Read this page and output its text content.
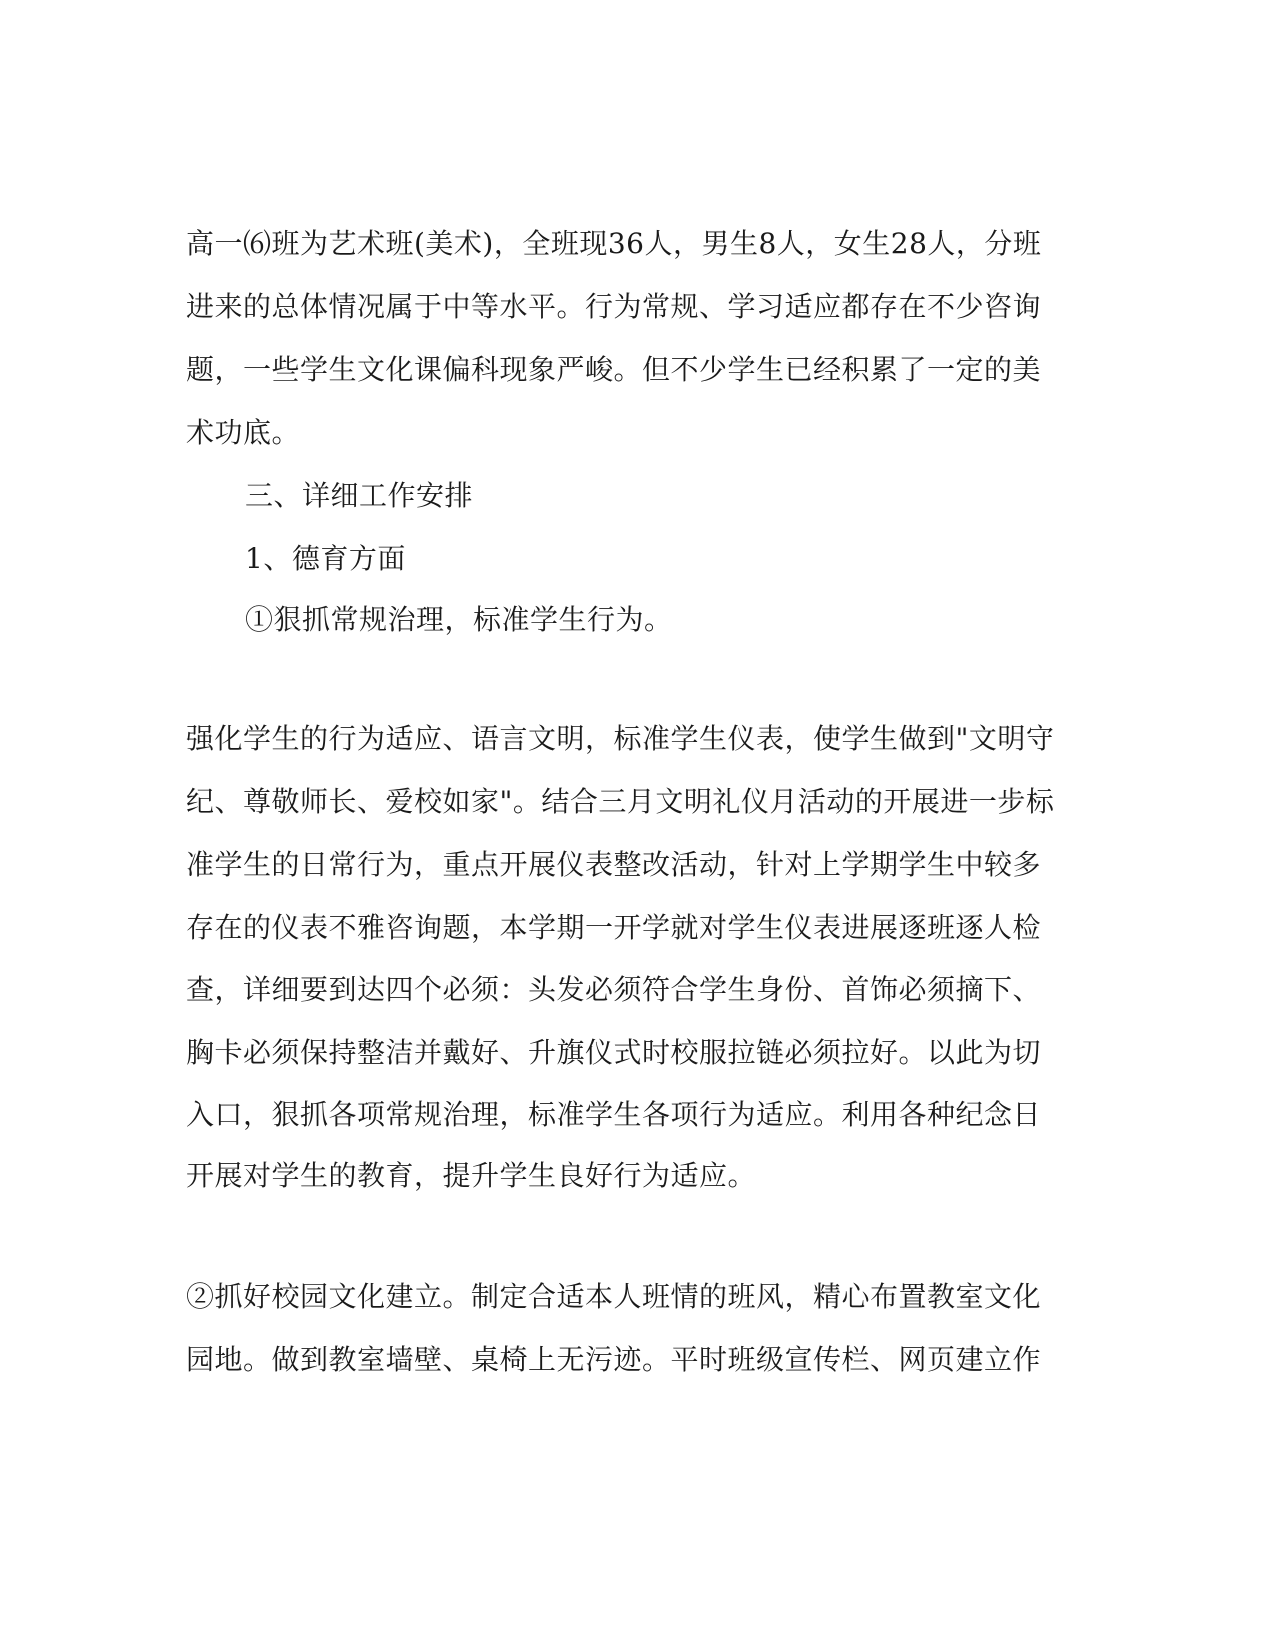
高一⑹班为艺术班(美术)，全班现36人，男生8人，女生28人，分班
进来的总体情况属于中等水平。行为常规、学习适应都存在不少咨询
题，一些学生文化课偏科现象严峻。但不少学生已经积累了一定的美
术功底。
三、详细工作安排
1、德育方面
①狠抓常规治理，标准学生行为。
强化学生的行为适应、语言文明，标准学生仪表，使学生做到"文明守
纪、尊敬师长、爱校如家"。结合三月文明礼仪月活动的开展进一步标
准学生的日常行为，重点开展仪表整改活动，针对上学期学生中较多
存在的仪表不雅咨询题，本学期一开学就对学生仪表进展逐班逐人检
查，详细要到达四个必须：头发必须符合学生身份、首饰必须摘下、
胸卡必须保持整洁并戴好、升旗仪式时校服拉链必须拉好。以此为切
入口，狠抓各项常规治理，标准学生各项行为适应。利用各种纪念日
开展对学生的教育，提升学生良好行为适应。
②抓好校园文化建立。制定合适本人班情的班风，精心布置教室文化
园地。做到教室墙壁、桌椅上无污迹。平时班级宣传栏、网页建立作
